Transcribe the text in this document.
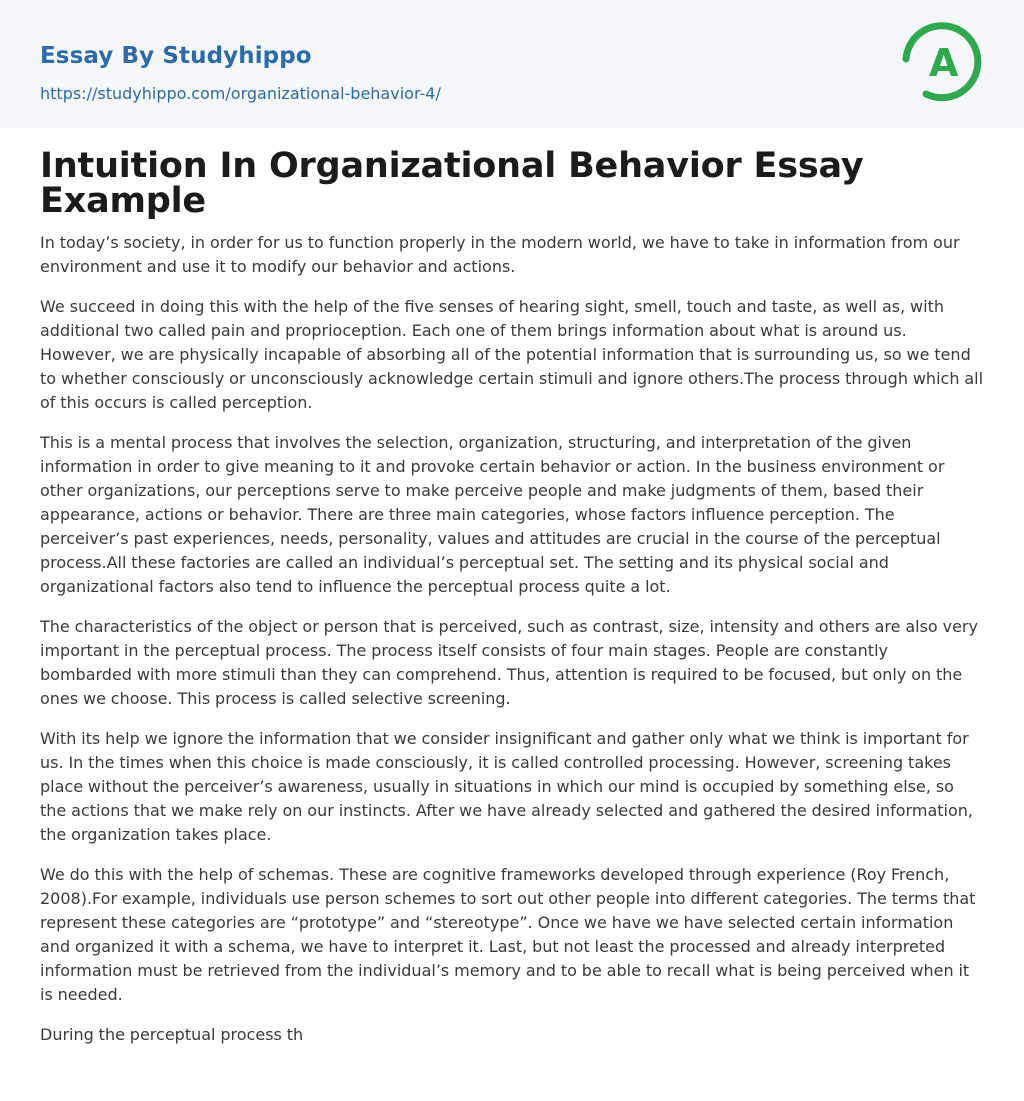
Essay By Studyhippo
https://studyhippo.com/organizational-behavior-4/
A
Intuition In Organizational Behavior Essay Example

In today’s society, in order for us to function properly in the modern world, we have to take in information from our environment and use it to modify our behavior and actions.

We succeed in doing this with the help of the five senses of hearing sight, smell, touch and taste, as well as, with additional two called pain and proprioception. Each one of them brings information about what is around us. However, we are physically incapable of absorbing all of the potential information that is surrounding us, so we tend to whether consciously or unconsciously acknowledge certain stimuli and ignore others.The process through which all of this occurs is called perception.

This is a mental process that involves the selection, organization, structuring, and interpretation of the given information in order to give meaning to it and provoke certain behavior or action. In the business environment or other organizations, our perceptions serve to make perceive people and make judgments of them, based their appearance, actions or behavior. There are three main categories, whose factors influence perception. The perceiver’s past experiences, needs, personality, values and attitudes are crucial in the course of the perceptual process.All these factories are called an individual’s perceptual set. The setting and its physical social and organizational factors also tend to influence the perceptual process quite a lot.

The characteristics of the object or person that is perceived, such as contrast, size, intensity and others are also very important in the perceptual process. The process itself consists of four main stages. People are constantly bombarded with more stimuli than they can comprehend. Thus, attention is required to be focused, but only on the ones we choose. This process is called selective screening.

With its help we ignore the information that we consider insignificant and gather only what we think is important for us. In the times when this choice is made consciously, it is called controlled processing. However, screening takes place without the perceiver’s awareness, usually in situations in which our mind is occupied by something else, so the actions that we make rely on our instincts. After we have already selected and gathered the desired information, the organization takes place.

We do this with the help of schemas. These are cognitive frameworks developed through experience (Roy French, 2008).For example, individuals use person schemes to sort out other people into different categories. The terms that represent these categories are “prototype” and “stereotype”. Once we have we have selected certain information and organized it with a schema, we have to interpret it. Last, but not least the processed and already interpreted information must be retrieved from the individual’s memory and to be able to recall what is being perceived when it is needed.

During the perceptual process th
